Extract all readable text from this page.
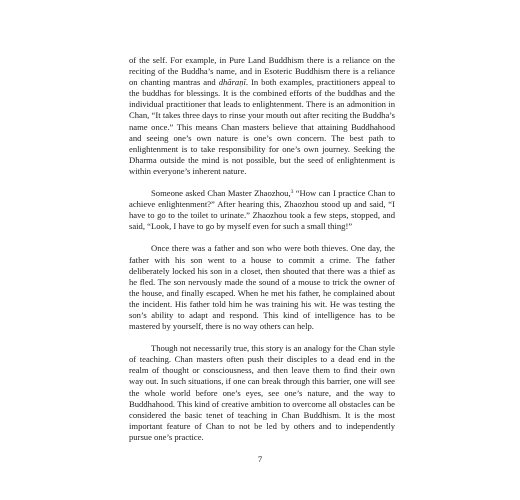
of the self. For example, in Pure Land Buddhism there is a reliance on the reciting of the Buddha’s name, and in Esoteric Buddhism there is a reliance on chanting mantras and dhāraṇī. In both examples, practitioners appeal to the buddhas for blessings. It is the combined efforts of the buddhas and the individual practitioner that leads to enlightenment. There is an admonition in Chan, “It takes three days to rinse your mouth out after reciting the Buddha’s name once.” This means Chan masters believe that attaining Buddhahood and seeing one’s own nature is one’s own concern. The best path to enlightenment is to take responsibility for one’s own journey. Seeking the Dharma outside the mind is not possible, but the seed of enlightenment is within everyone’s inherent nature.

Someone asked Chan Master Zhaozhou,$^3$ “How can I practice Chan to achieve enlightenment?” After hearing this, Zhaozhou stood up and said, “I have to go to the toilet to urinate.” Zhaozhou took a few steps, stopped, and said, “Look, I have to go by myself even for such a small thing!”

Once there was a father and son who were both thieves. One day, the father with his son went to a house to commit a crime. The father deliberately locked his son in a closet, then shouted that there was a thief as he fled. The son nervously made the sound of a mouse to trick the owner of the house, and finally escaped. When he met his father, he complained about the incident. His father told him he was training his wit. He was testing the son’s ability to adapt and respond. This kind of intelligence has to be mastered by yourself, there is no way others can help.

Though not necessarily true, this story is an analogy for the Chan style of teaching. Chan masters often push their disciples to a dead end in the realm of thought or consciousness, and then leave them to find their own way out. In such situations, if one can break through this barrier, one will see the whole world before one’s eyes, see one’s nature, and the way to Buddhahood. This kind of creative ambition to overcome all obstacles can be considered the basic tenet of teaching in Chan Buddhism. It is the most important feature of Chan to not be led by others and to independently pursue one’s practice.

7
